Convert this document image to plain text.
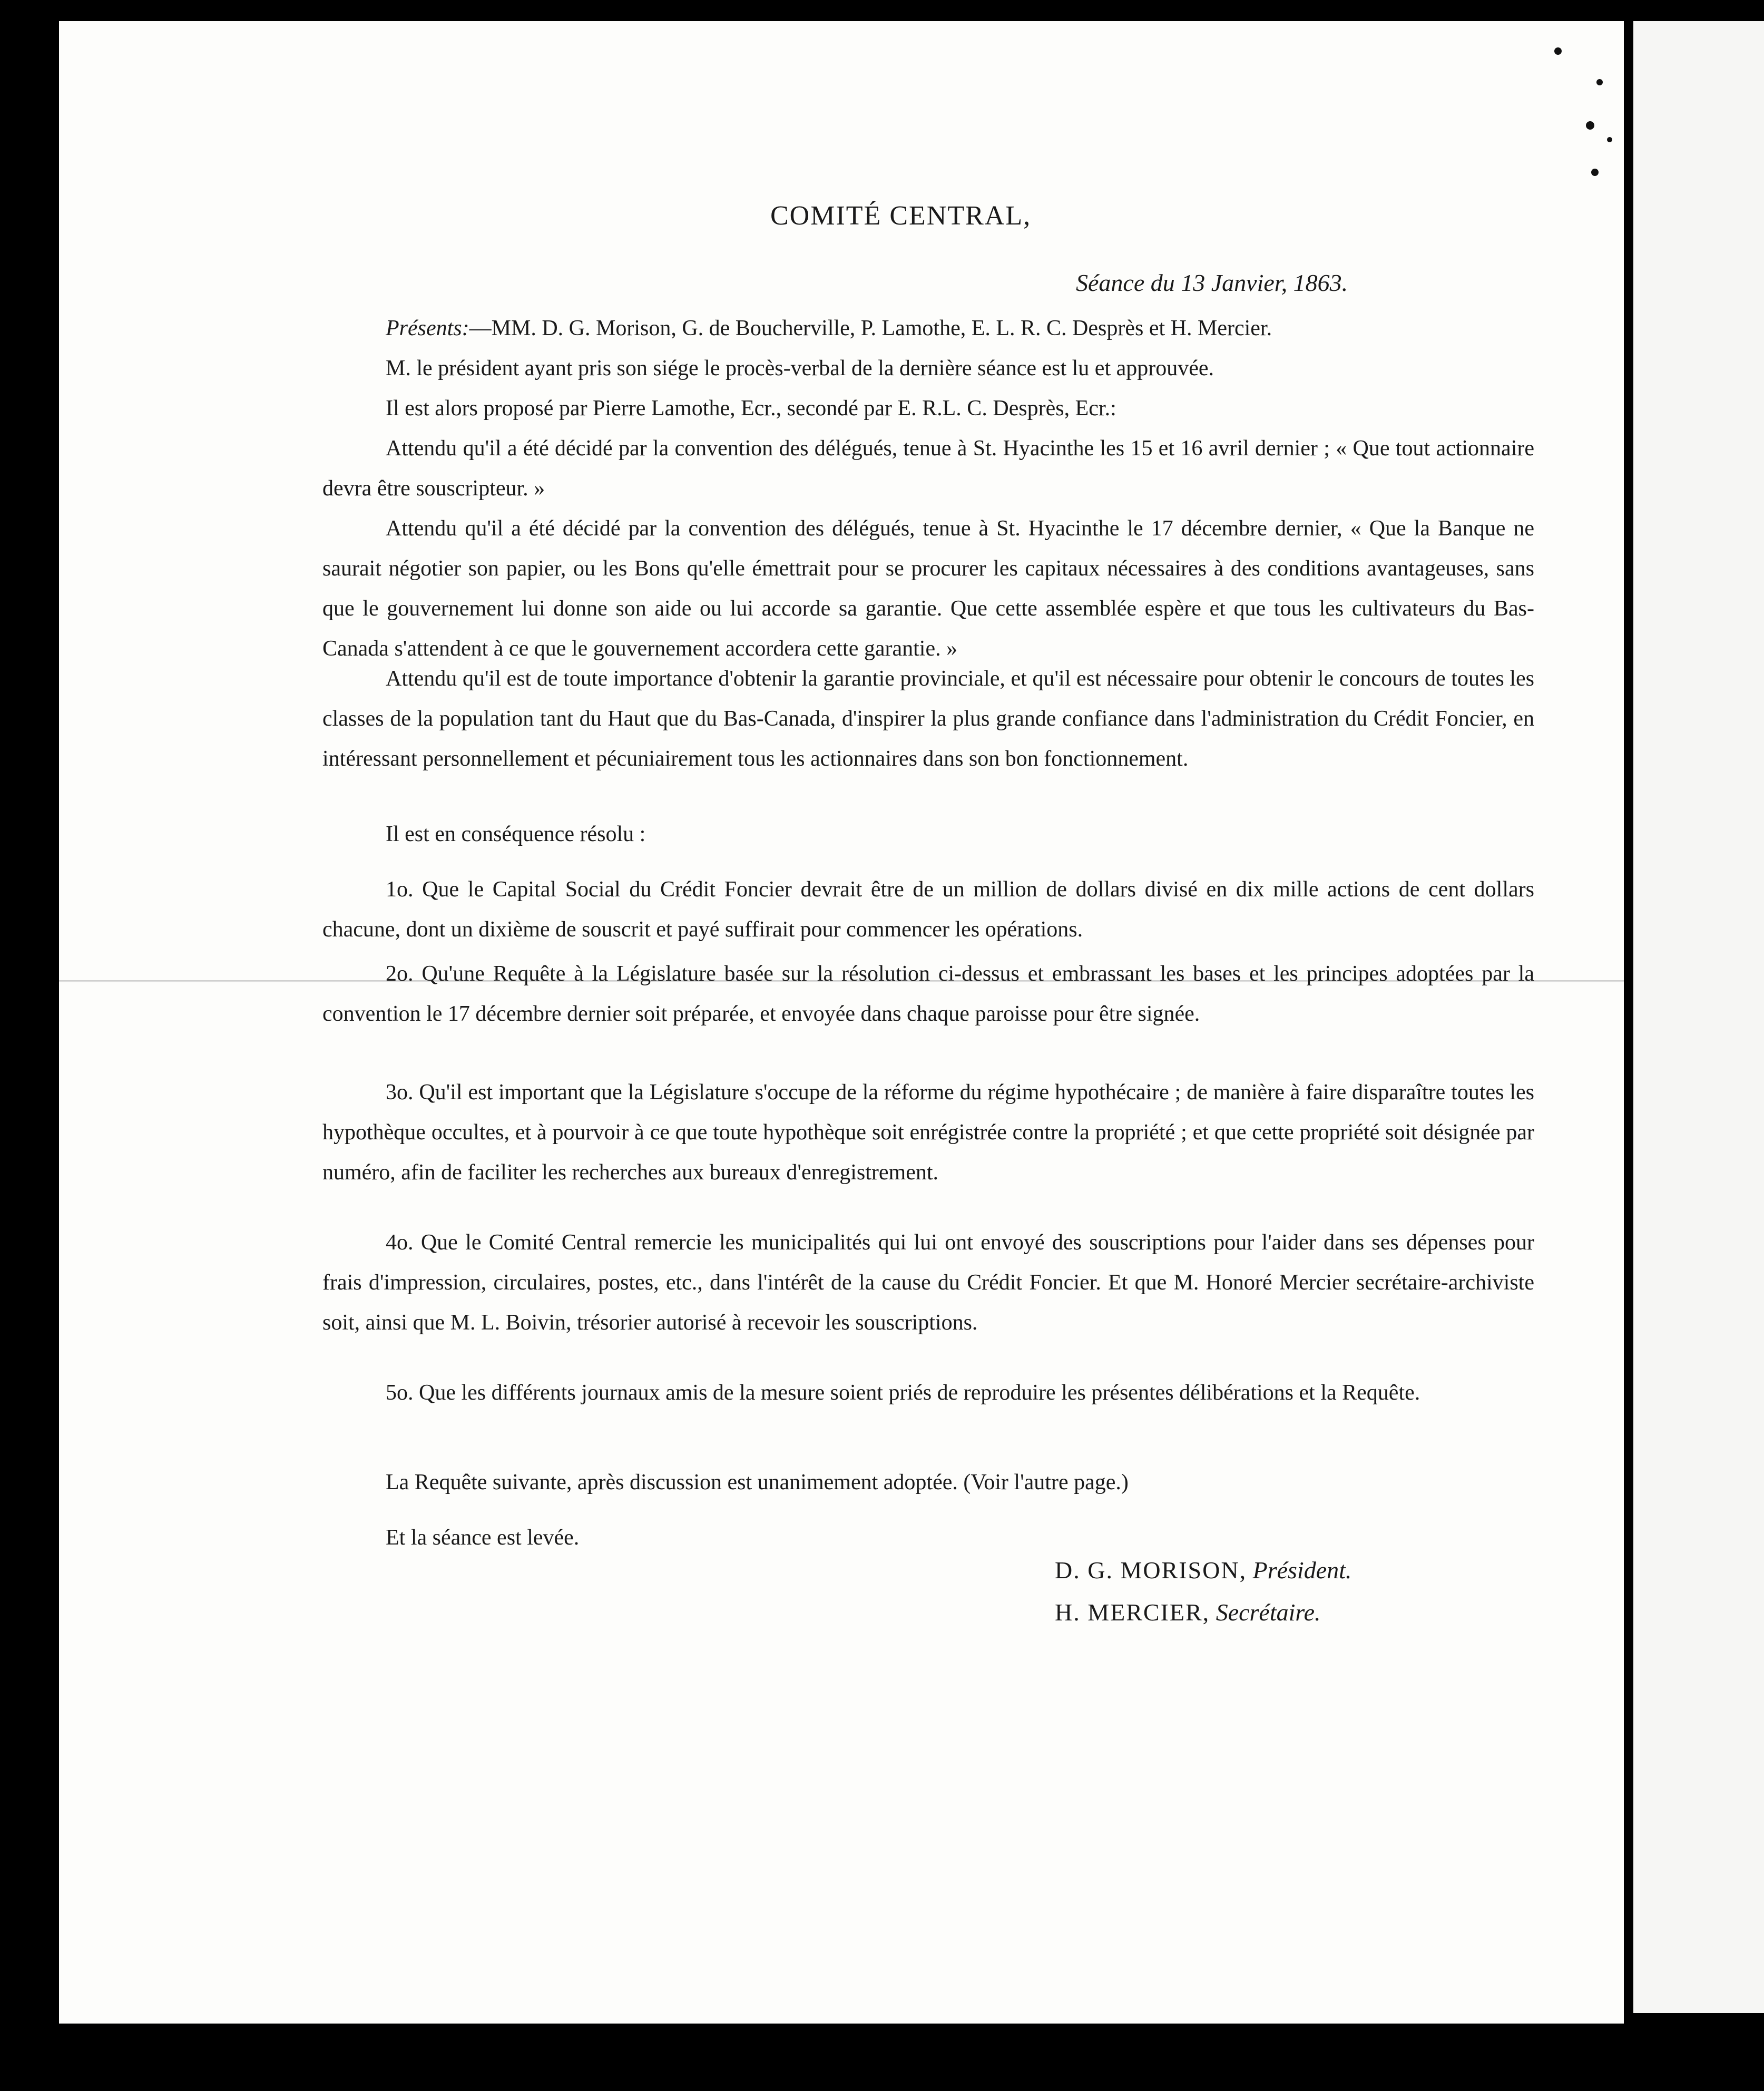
COMITÉ CENTRAL,
Séance du 13 Janvier, 1863.

Présents:—MM. D. G. Morison, G. de Boucherville, P. Lamothe, E. L. R. C. Desprès et H. Mercier.

M. le président ayant pris son siége le procès-verbal de la dernière séance est lu et approuvée.

Il est alors proposé par Pierre Lamothe, Ecr., secondé par E. R.L. C. Desprès, Ecr.:

Attendu qu'il a été décidé par la convention des délégués, tenue à St. Hyacinthe les 15 et 16 avril dernier ; « Que tout actionnaire devra être souscripteur. »

Attendu qu'il a été décidé par la convention des délégués, tenue à St. Hyacinthe le 17 décembre dernier, « Que la Banque ne saurait négotier son papier, ou les Bons qu'elle émettrait pour se procurer les capitaux nécessaires à des conditions avantageuses, sans que le gouvernement lui donne son aide ou lui accorde sa garantie. Que cette assemblée espère et que tous les cultivateurs du Bas-Canada s'attendent à ce que le gouvernement accordera cette garantie. »

Attendu qu'il est de toute importance d'obtenir la garantie provinciale, et qu'il est nécessaire pour obtenir le concours de toutes les classes de la population tant du Haut que du Bas-Canada, d'inspirer la plus grande confiance dans l'administration du Crédit Foncier, en intéressant personnellement et pécuniairement tous les actionnaires dans son bon fonctionnement.

Il est en conséquence résolu :

1o. Que le Capital Social du Crédit Foncier devrait être de un million de dollars divisé en dix mille actions de cent dollars chacune, dont un dixième de souscrit et payé suffirait pour commencer les opérations.

2o. Qu'une Requête à la Législature basée sur la résolution ci-dessus et embrassant les bases et les principes adoptées par la convention le 17 décembre dernier soit préparée, et envoyée dans chaque paroisse pour être signée.

3o. Qu'il est important que la Législature s'occupe de la réforme du régime hypothécaire ; de manière à faire disparaître toutes les hypothèque occultes, et à pourvoir à ce que toute hypothèque soit enrégistrée contre la propriété ; et que cette propriété soit désignée par numéro, afin de faciliter les recherches aux bureaux d'enregistrement.

4o. Que le Comité Central remercie les municipalités qui lui ont envoyé des souscriptions pour l'aider dans ses dépenses pour frais d'impression, circulaires, postes, etc., dans l'intérêt de la cause du Crédit Foncier. Et que M. Honoré Mercier secrétaire-archiviste soit, ainsi que M. L. Boivin, trésorier autorisé à recevoir les souscriptions.

5o. Que les différents journaux amis de la mesure soient priés de reproduire les présentes délibérations et la Requête.

La Requête suivante, après discussion est unanimement adoptée. (Voir l'autre page.)

Et la séance est levée.

D. G. MORISON, Président.
H. MERCIER, Secrétaire.
